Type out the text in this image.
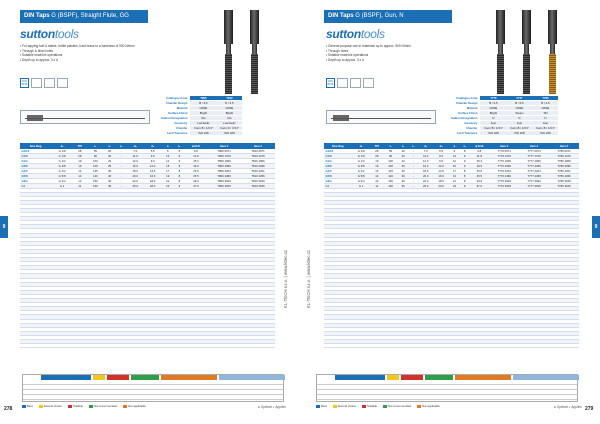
DIN Taps G (BSPF), Straight Flute, GG
suttontools
• For tapping soft & stable, brittle plastics, hard brass to a hardness of 900 N/mm²
• Through & blind holes
• Suitable machine operations
• Depth up to approx. 3 x d
DIN 5156
Catalogue Code	T806	T810
Chamfer Design	B / 4-5	D / 3.5
Material	HSSE	HSSE
Surface Finish	Bright	Bright
Suitton Designation	GG	GG
Geometry	Low Helix	Low Helix
Chamfer	Form B / 4-5 P	Form D / 3.5 P
Limit Tolerance	ISO 228	ISO 228
Size Reg.	d₁	TPI	l₁	l₂	l₃	d₂	d₃	a	l₄	⌀ Drill	Item #	Item #
G1/16	G 1/8	28	55	20	-	7.0	5.5	6	8	6.8	T806 0071	T810 0071
G1/8	G 1/8	28	90	20	-	11.0	9.0	12	9	11.8	T806 1376	T810 1376
G1/4	G 1/4	19	100	22	-	12.0	9.0	12	9	15.3	T806 1906	T810 1906
G3/8	G 3/8	19	100	25	-	16.0	12.0	16	9	19.0	T806 2096	T810 2096
G1/2	G 1/2	14	125	30	-	18.0	14.5	17	8	23.6	T806 2201	T810 2201
G5/8	G 5/8	14	140	30	-	20.0	16.0	19	8	25.5	T806 2366	T810 2366
G3/4	G 3/4	14	150	30	-	22.0	18.0	21	8	29.0	T806 3920	T810 3920
G1	G 1	11	160	35	-	25.0	20.0	23	9	37.0	T806 3925	T810 3925

9
KL-TECH s.r.o. | www.kltec.cz
Best	Second choice	Suitable	Not recommended	Not applicable	● Optimal ◐ Applies
278
DIN Taps G (BSPF), Gun, N
suttontools
• General purpose use in materials up to approx. 900 N/mm²
• Through holes
• Suitable machine operations
• Depth up to approx. 3 x d
DIN 5156
Catalogue Code	T776	T777	T780
Chamfer Design	B / 4-5	B / 4-5	B / 4-5
Material	HSSE	HSSE	HSSE
Surface Finish	Bright	Steam	TiN
Suitton Designation	N	N	N
Geometry	Gun	Gun	Gun
Chamfer	Form B / 4-5 P	Form B / 4-5 P	Form B / 4-5 P
Limit Tolerance	ISO 228	ISO 228	ISO 228
Size Reg.	d₁	TPI	l₁	l₂	l₃	d₂	d₃	a	l₄	⌀ Drill	Item #	Item #	Item #
G1/16	G 1/8	28	55	20	-	7.0	5.5	6	8	6.8	T776 0071	T777 0071	T780 0071
G1/8	G 1/8	28	90	20	-	11.0	9.0	12	9	11.8	T776 1376	T777 1376	T780 1376
G1/4	G 1/4	19	100	22	-	12.0	9.0	12	9	15.3	T776 1906	T777 1906	T780 1906
G3/8	G 3/8	19	100	25	-	16.0	12.0	16	9	19.0	T776 2096	T777 2096	T780 2096
G1/2	G 1/2	14	125	30	-	18.0	14.5	17	8	23.6	T776 2201	T777 2201	T780 2201
G5/8	G 5/8	14	140	30	-	20.0	16.0	19	8	25.5	T776 2366	T777 2366	T780 2366
G3/4	G 3/4	14	150	30	-	22.0	18.0	21	8	29.0	T776 3920	T777 3920	T780 3920
G1	G 1	11	160	35	-	25.0	20.0	23	9	37.0	T776 3925	T777 3925	T780 3925

9
KL-TECH s.r.o. | www.kltec.cz
Best	Second choice	Suitable	Not recommended	Not applicable	● Optimal ◐ Applies 279
